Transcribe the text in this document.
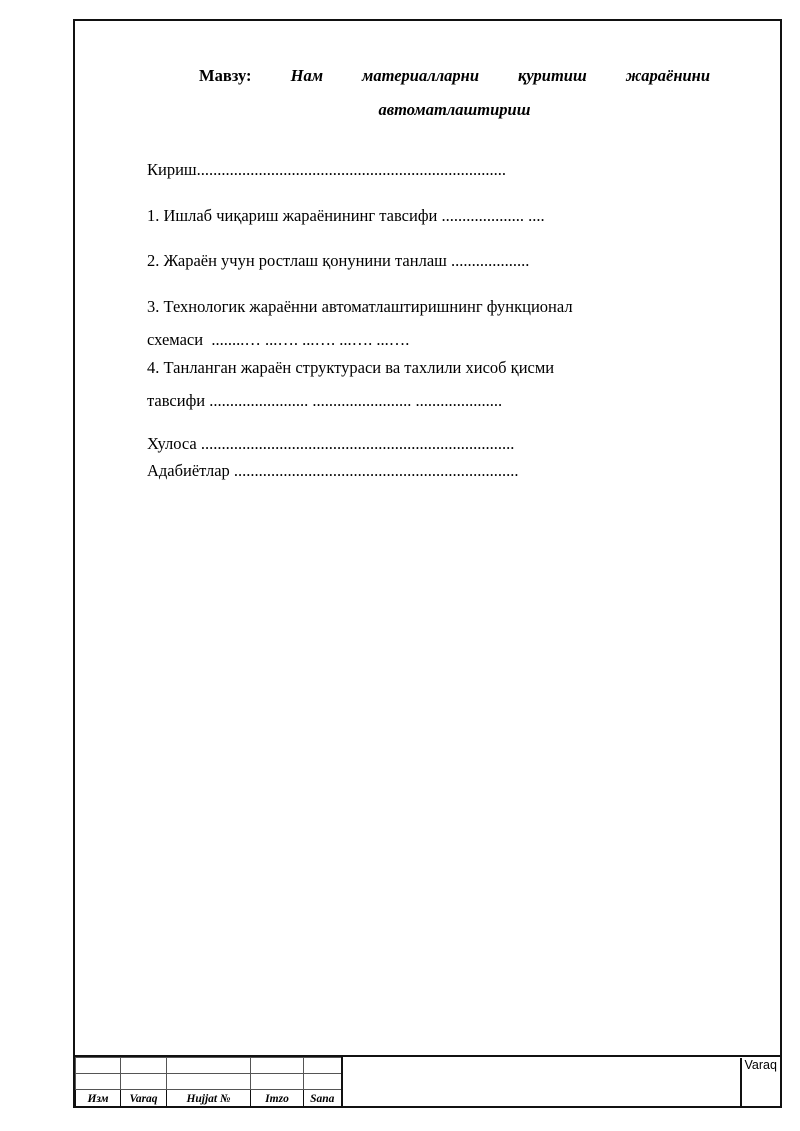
Мавзу: Нам материалларни қуритиш жараёнини
автоматлаштириш
Кириш...........................................................................
1. Ишлаб чиқариш жараёнининг тавсифи .................... ....
2. Жараён учун ростлаш қонунини танлаш ...................
3. Технологик жараённи автоматлаштиришнинг функционал
схемаси  ........… ...…. ...…. ...…. ...….
4. Танланган жараён структураси ва тахлили хисоб қисми
тавсифи ........................ ........................ .....................
Хулоса ............................................................................
Адабиётлар .....................................................................
						Varaq

Изм	Varaq	Hujjat №	Imzo	Sana		
